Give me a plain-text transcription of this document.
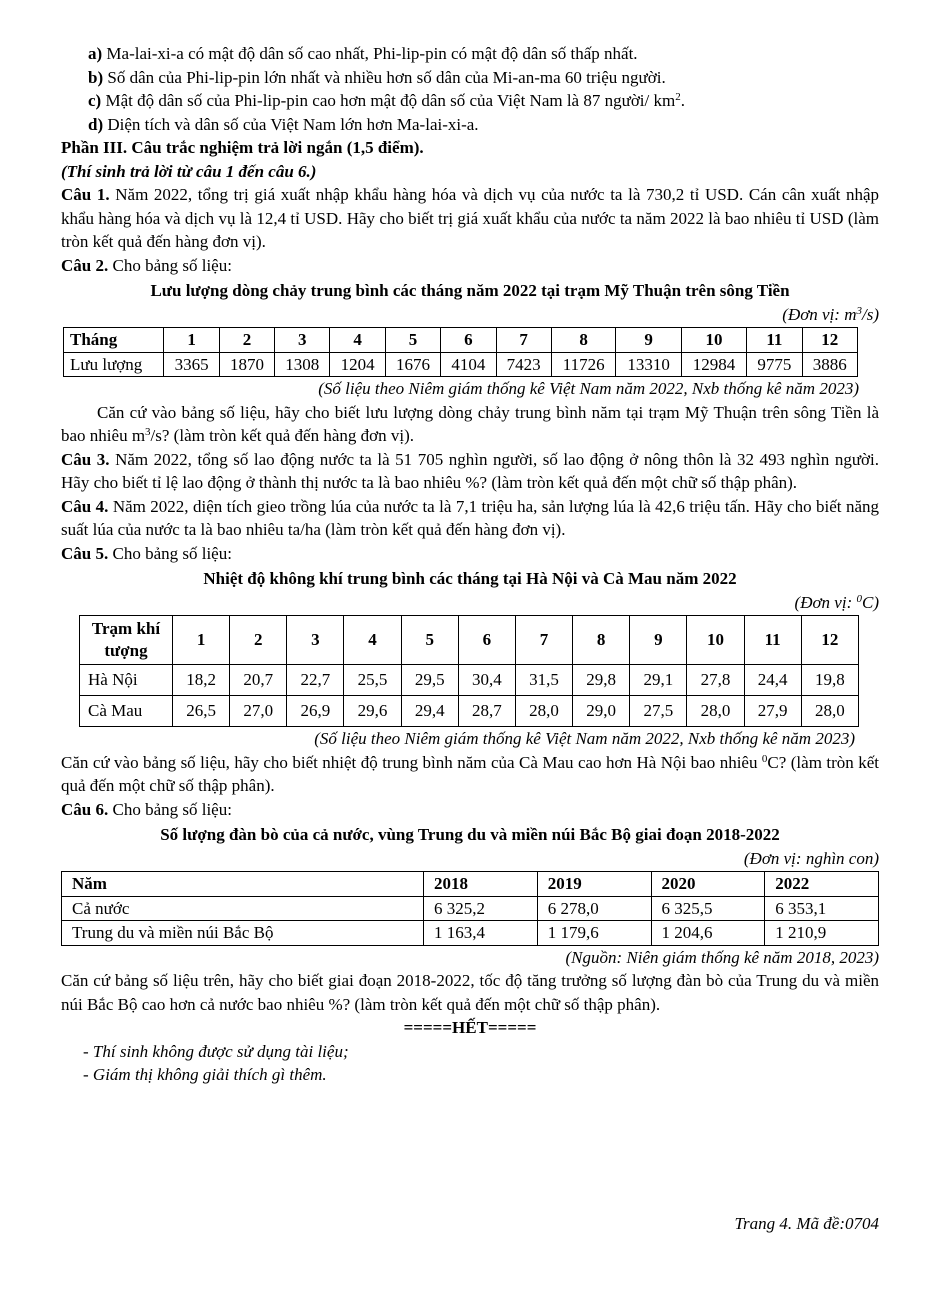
a) Ma-lai-xi-a có mật độ dân số cao nhất, Phi-lip-pin có mật độ dân số thấp nhất.

b) Số dân của Phi-lip-pin lớn nhất và nhiều hơn số dân của Mi-an-ma 60 triệu người.

c) Mật độ dân số của Phi-lip-pin cao hơn mật độ dân số của Việt Nam là 87 người/ $km^2$.

d) Diện tích và dân số của Việt Nam lớn hơn Ma-lai-xi-a.

Phần III. Câu trắc nghiệm trả lời ngắn (1,5 điểm).

(Thí sinh trả lời từ câu 1 đến câu 6.)

Câu 1. Năm 2022, tổng trị giá xuất nhập khẩu hàng hóa và dịch vụ của nước ta là 730,2 tỉ USD. Cán cân xuất nhập khẩu hàng hóa và dịch vụ là 12,4 tỉ USD. Hãy cho biết trị giá xuất khẩu của nước ta năm 2022 là bao nhiêu tỉ USD (làm tròn kết quả đến hàng đơn vị).

Câu 2. Cho bảng số liệu:

Lưu lượng dòng chảy trung bình các tháng năm 2022 tại trạm Mỹ Thuận trên sông Tiền

(Đơn vị: $m^3/s$)

Tháng	1	2	3	4	5	6	7	8	9	10	11	12
Lưu lượng	3365	1870	1308	1204	1676	4104	7423	11726	13310	12984	9775	3886

(Số liệu theo Niêm giám thống kê Việt Nam năm 2022, Nxb thống kê năm 2023)

Căn cứ vào bảng số liệu, hãy cho biết lưu lượng dòng chảy trung bình năm tại trạm Mỹ Thuận trên sông Tiền là bao nhiêu $m^3/s$? (làm tròn kết quả đến hàng đơn vị).

Câu 3. Năm 2022, tổng số lao động nước ta là 51 705 nghìn người, số lao động ở nông thôn là 32 493 nghìn người. Hãy cho biết tỉ lệ lao động ở thành thị nước ta là bao nhiêu %? (làm tròn kết quả đến một chữ số thập phân).

Câu 4. Năm 2022, diện tích gieo trồng lúa của nước ta là 7,1 triệu ha, sản lượng lúa là 42,6 triệu tấn. Hãy cho biết năng suất lúa của nước ta là bao nhiêu ta/ha (làm tròn kết quả đến hàng đơn vị).

Câu 5. Cho bảng số liệu:

Nhiệt độ không khí trung bình các tháng tại Hà Nội và Cà Mau năm 2022

(Đơn vị: $^0$C)

Trạm khí tượng	1	2	3	4	5	6	7	8	9	10	11	12
Hà Nội	18,2	20,7	22,7	25,5	29,5	30,4	31,5	29,8	29,1	27,8	24,4	19,8
Cà Mau	26,5	27,0	26,9	29,6	29,4	28,7	28,0	29,0	27,5	28,0	27,9	28,0

(Số liệu theo Niêm giám thống kê Việt Nam năm 2022, Nxb thống kê năm 2023)

Căn cứ vào bảng số liệu, hãy cho biết nhiệt độ trung bình năm của Cà Mau cao hơn Hà Nội bao nhiêu $^0$C? (làm tròn kết quả đến một chữ số thập phân).

Câu 6. Cho bảng số liệu:

Số lượng đàn bò của cả nước, vùng Trung du và miền núi Bắc Bộ giai đoạn 2018-2022

(Đơn vị: nghìn con)

Năm	2018	2019	2020	2022
Cả nước	6 325,2	6 278,0	6 325,5	6 353,1
Trung du và miền núi Bắc Bộ	1 163,4	1 179,6	1 204,6	1 210,9

(Nguồn: Niên giám thống kê năm 2018, 2023)

Căn cứ bảng số liệu trên, hãy cho biết giai đoạn 2018-2022, tốc độ tăng trưởng số lượng đàn bò của Trung du và miền núi Bắc Bộ cao hơn cả nước bao nhiêu %? (làm tròn kết quả đến một chữ số thập phân).

=====HẾT=====

- Thí sinh không được sử dụng tài liệu;

- Giám thị không giải thích gì thêm.

Trang 4. Mã đề:0704
